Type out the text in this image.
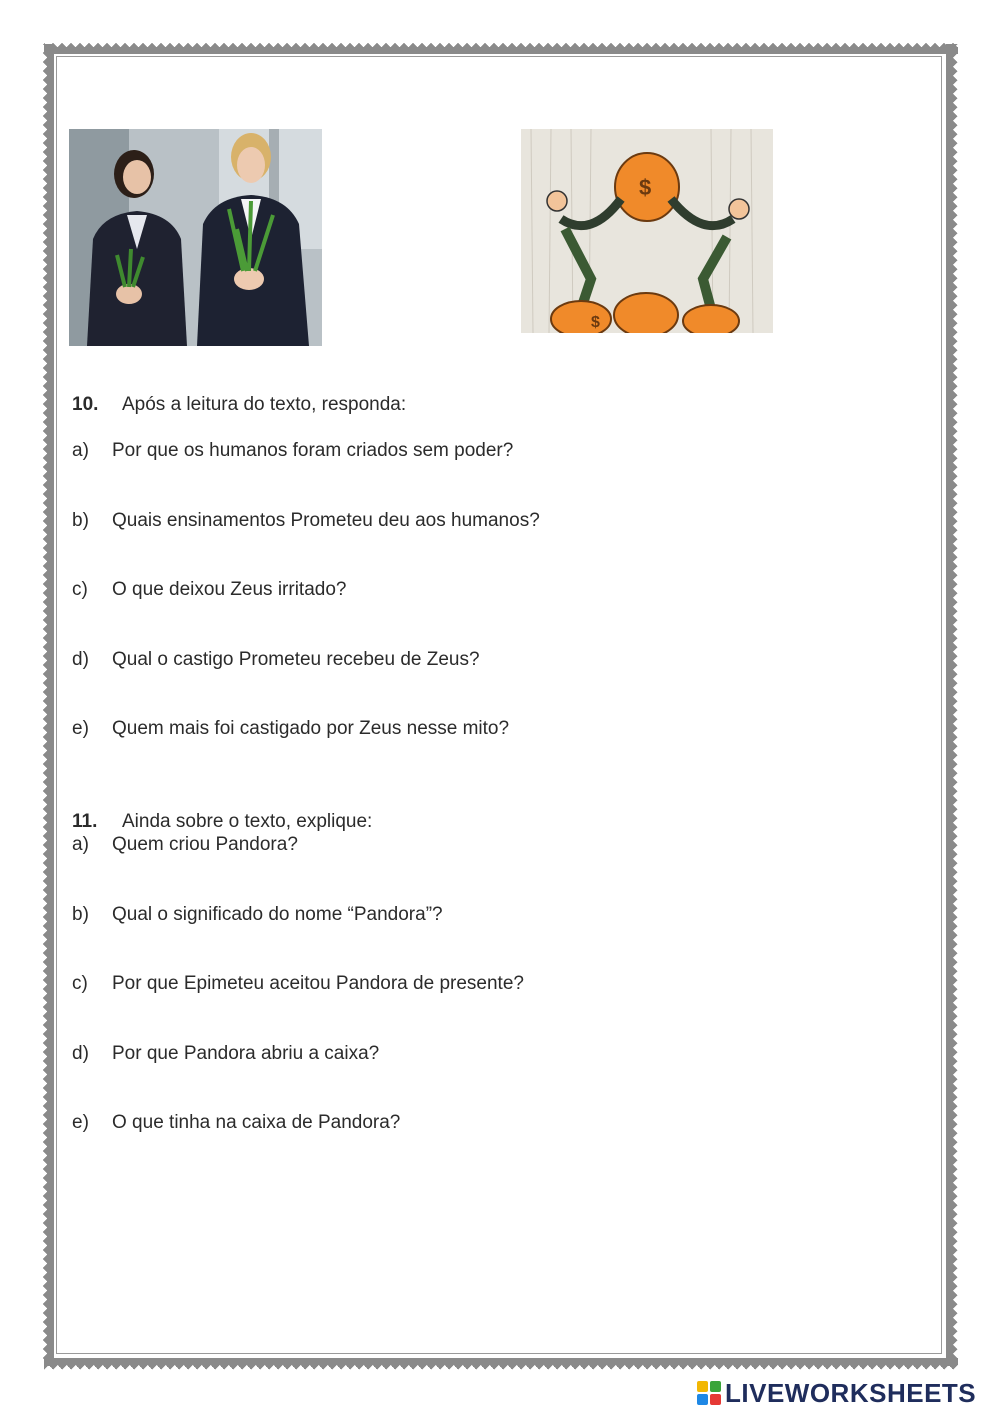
$
$
10. Após a leitura do texto, responda:
a) Por que os humanos foram criados sem poder?
b) Quais ensinamentos Prometeu deu aos humanos?
c) O que deixou Zeus irritado?
d) Qual o castigo Prometeu recebeu de Zeus?
e) Quem mais foi castigado por Zeus nesse mito?
11. Ainda sobre o texto, explique:
a) Quem criou Pandora?
b) Qual o significado do nome “Pandora”?
c) Por que Epimeteu aceitou Pandora de presente?
d) Por que Pandora abriu a caixa?
e) O que tinha na caixa de Pandora?
LIVEWORKSHEETS
